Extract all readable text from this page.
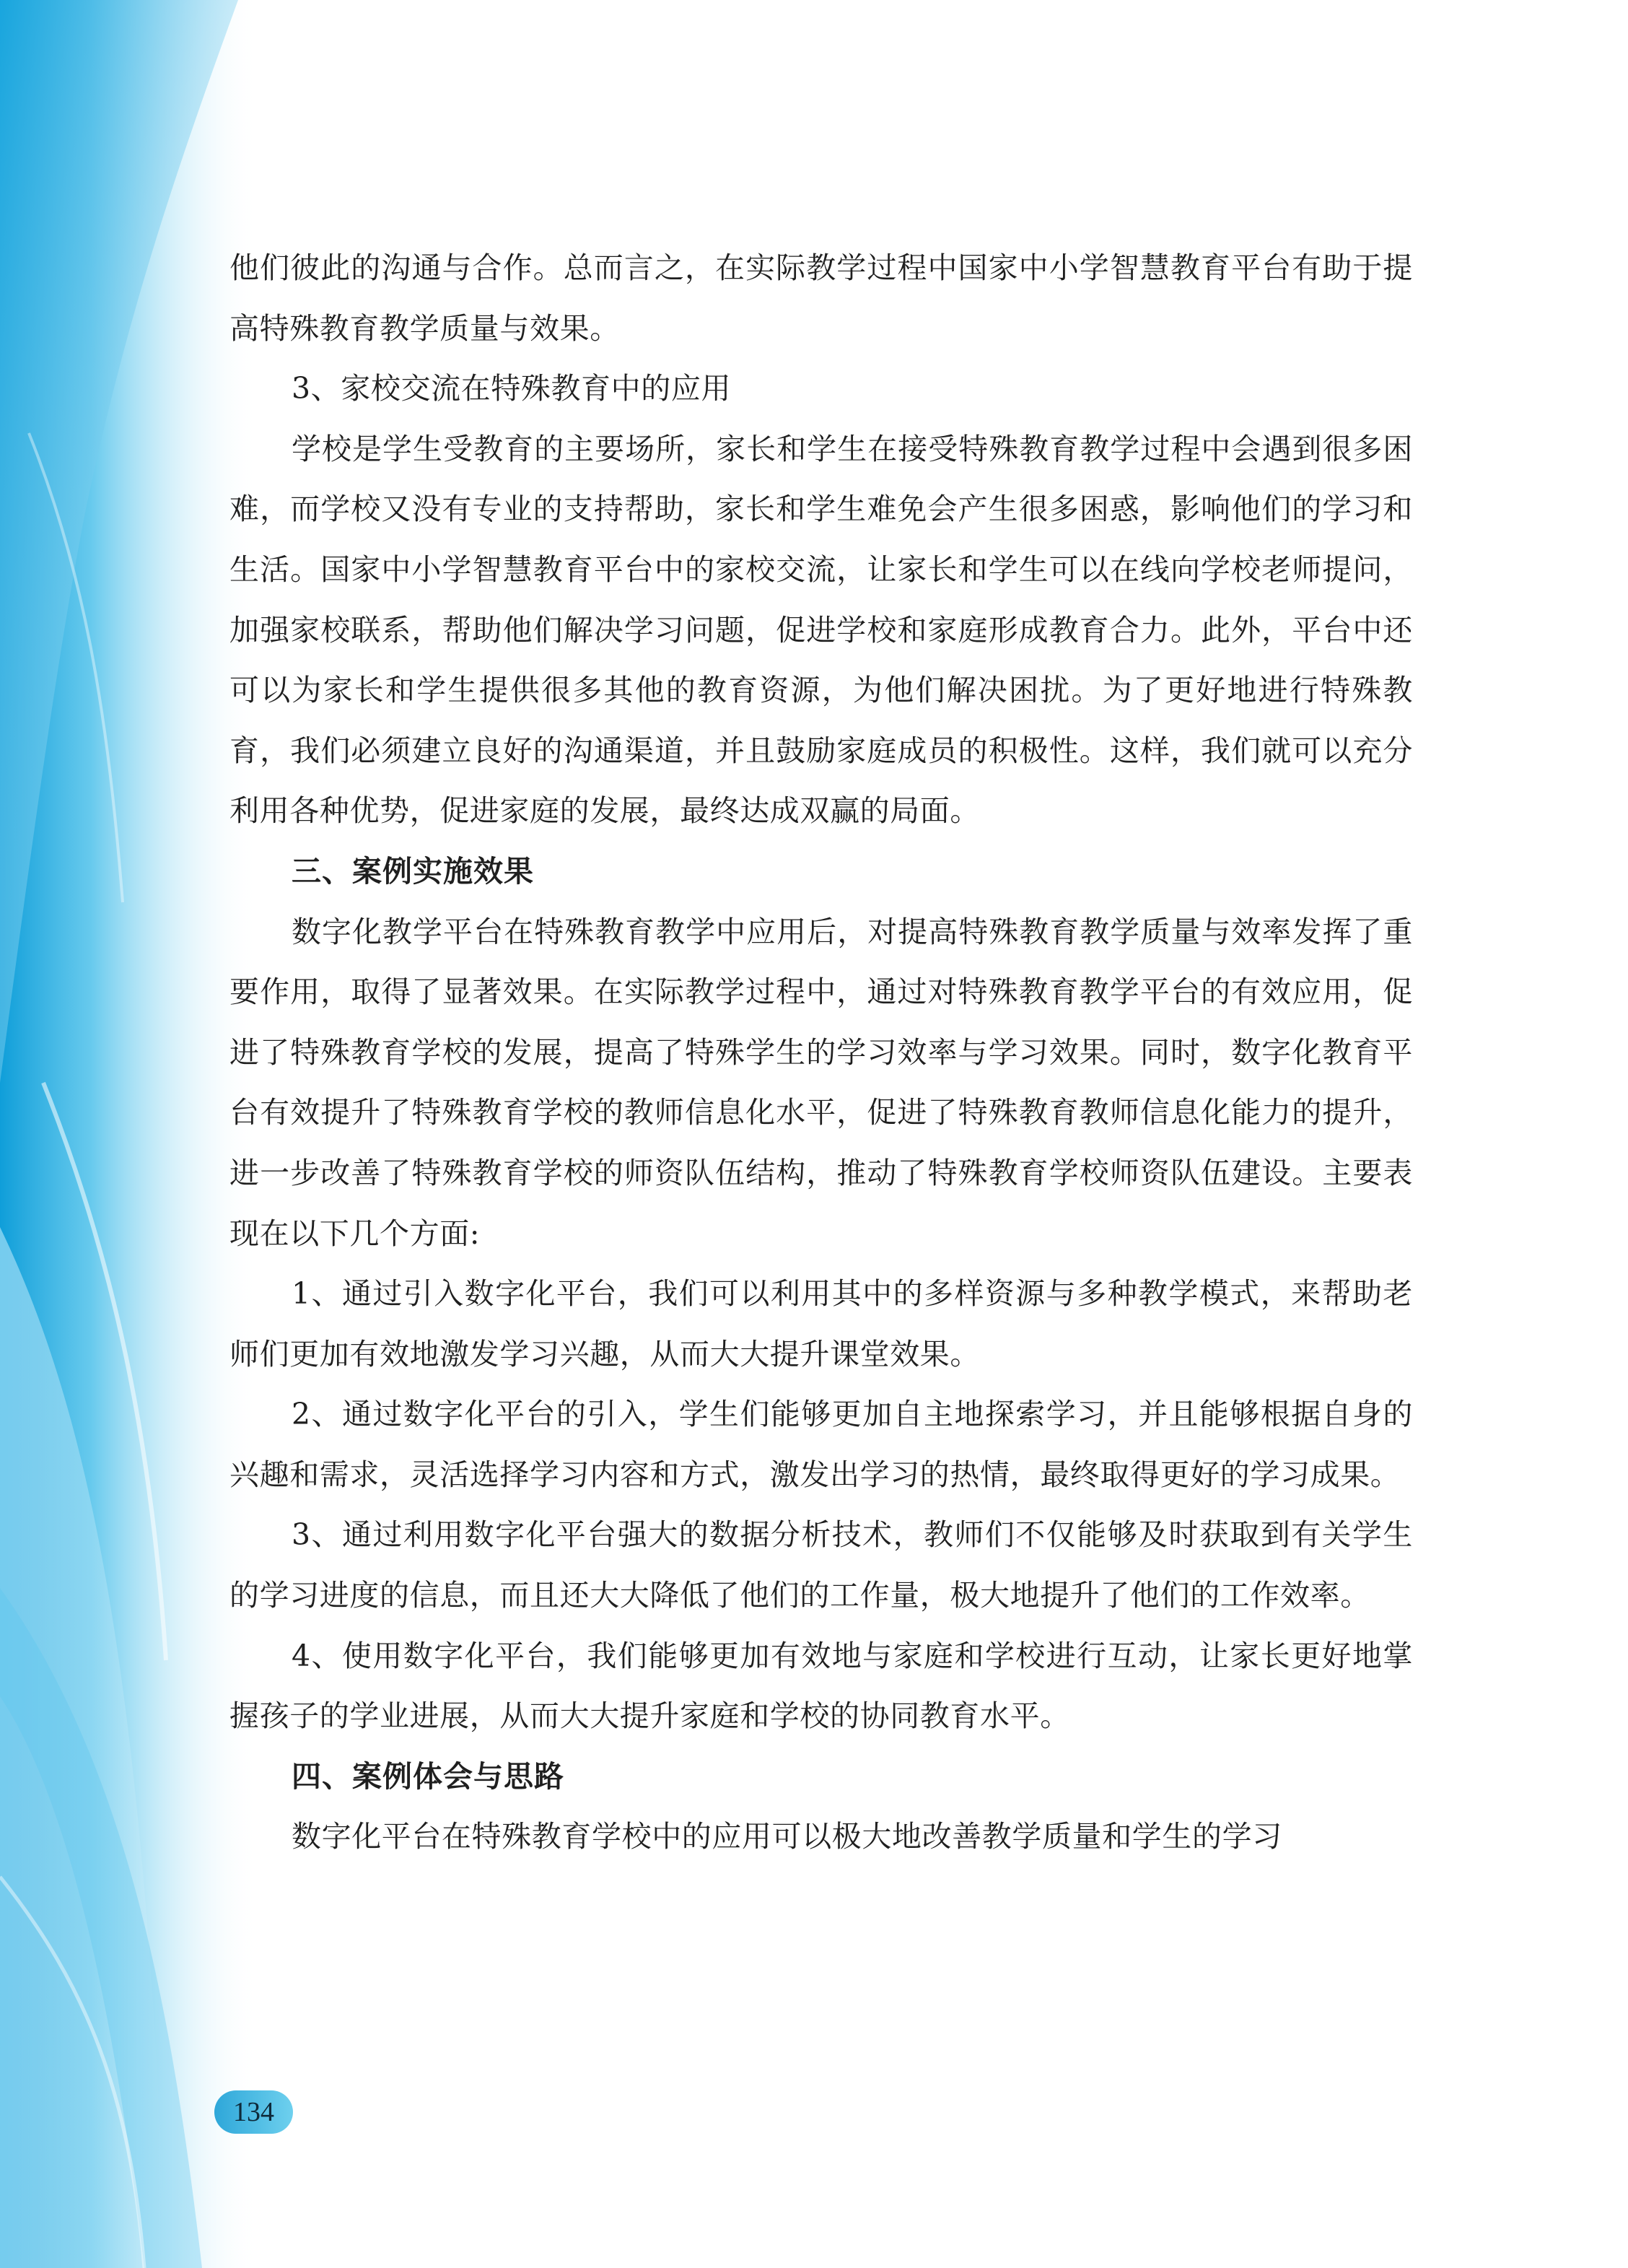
他们彼此的沟通与合作。总而言之，在实际教学过程中国家中小学智慧教育平台有助于提高特殊教育教学质量与效果。

3、家校交流在特殊教育中的应用

学校是学生受教育的主要场所，家长和学生在接受特殊教育教学过程中会遇到很多困难，而学校又没有专业的支持帮助，家长和学生难免会产生很多困惑，影响他们的学习和生活。国家中小学智慧教育平台中的家校交流，让家长和学生可以在线向学校老师提问，加强家校联系，帮助他们解决学习问题，促进学校和家庭形成教育合力。此外，平台中还可以为家长和学生提供很多其他的教育资源，为他们解决困扰。为了更好地进行特殊教育，我们必须建立良好的沟通渠道，并且鼓励家庭成员的积极性。这样，我们就可以充分利用各种优势，促进家庭的发展，最终达成双赢的局面。

三、案例实施效果

数字化教学平台在特殊教育教学中应用后，对提高特殊教育教学质量与效率发挥了重要作用，取得了显著效果。在实际教学过程中，通过对特殊教育教学平台的有效应用，促进了特殊教育学校的发展，提高了特殊学生的学习效率与学习效果。同时，数字化教育平台有效提升了特殊教育学校的教师信息化水平，促进了特殊教育教师信息化能力的提升，进一步改善了特殊教育学校的师资队伍结构，推动了特殊教育学校师资队伍建设。主要表现在以下几个方面:

1、通过引入数字化平台，我们可以利用其中的多样资源与多种教学模式，来帮助老师们更加有效地激发学习兴趣，从而大大提升课堂效果。

2、通过数字化平台的引入，学生们能够更加自主地探索学习，并且能够根据自身的兴趣和需求，灵活选择学习内容和方式，激发出学习的热情，最终取得更好的学习成果。

3、通过利用数字化平台强大的数据分析技术，教师们不仅能够及时获取到有关学生的学习进度的信息，而且还大大降低了他们的工作量，极大地提升了他们的工作效率。

4、使用数字化平台，我们能够更加有效地与家庭和学校进行互动，让家长更好地掌握孩子的学业进展，从而大大提升家庭和学校的协同教育水平。

四、案例体会与思路

数字化平台在特殊教育学校中的应用可以极大地改善教学质量和学生的学习

134
